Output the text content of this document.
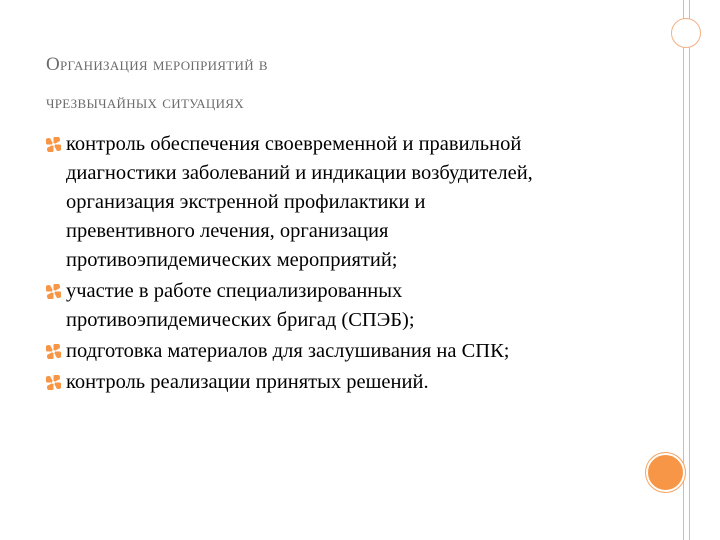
Организация мероприятий в
чрезвычайных ситуациях
контроль обеспечения своевременной и правильной
диагностики заболеваний и индикации возбудителей,
организация экстренной профилактики и
превентивного лечения, организация
противоэпидемических мероприятий;
участие в работе специализированных
противоэпидемических бригад (СПЭБ);
подготовка материалов для заслушивания на СПК;
контроль реализации принятых решений.
